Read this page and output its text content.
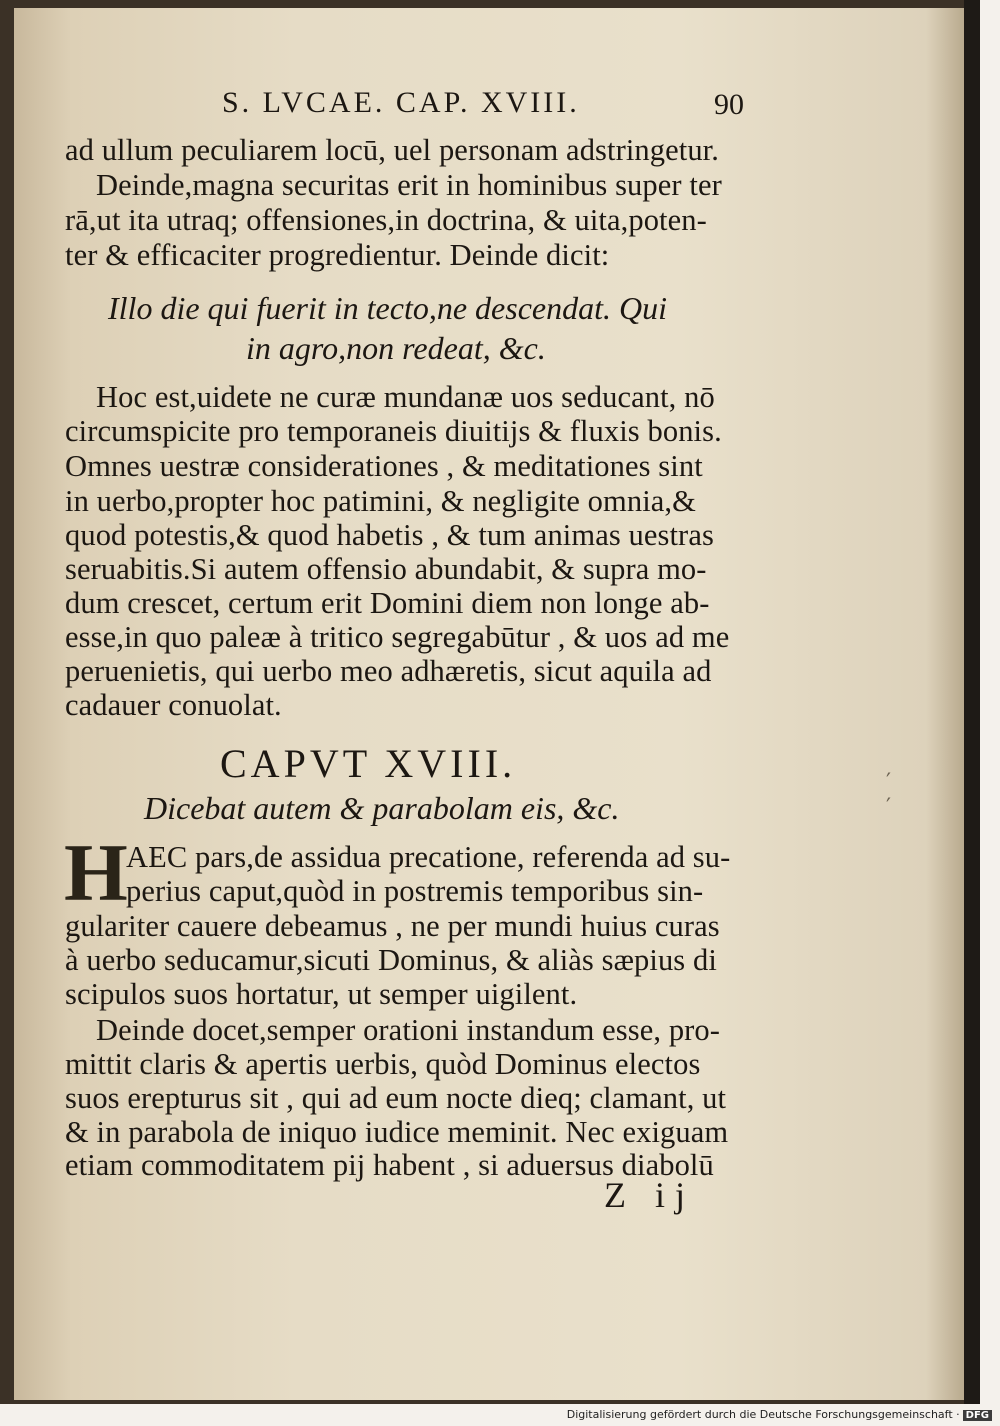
S. LVCAE. CAP. XVIII.	90
ad ullum peculiarem locū, uel personam adstringetur.
Deinde,magna securitas erit in hominibus super ter
rā,ut ita utraq; offensiones,in doctrina, & uita,poten-
ter & efficaciter progredientur. Deinde dicit:
Illo die qui fuerit in tecto,ne descendat. Qui
in agro,non redeat, &c.
Hoc est,uidete ne curæ mundanæ uos seducant, nō
circumspicite pro temporaneis diuitijs & fluxis bonis.
Omnes uestræ considerationes , & meditationes sint
in uerbo,propter hoc patimini, & negligite omnia,&
quod potestis,& quod habetis , & tum animas uestras
seruabitis.Si autem offensio abundabit, & supra mo-
dum crescet, certum erit Domini diem non longe ab-
esse,in quo paleæ à tritico segregabūtur , & uos ad me
peruenietis, qui uerbo meo adhæretis, sicut aquila ad
cadauer conuolat.
CAPVT XVIII.
Dicebat autem & parabolam eis, &c.
H
AEC pars,de assidua precatione, referenda ad su-
perius caput,quòd in postremis temporibus sin-
gulariter cauere debeamus , ne per mundi huius curas
à uerbo seducamur,sicuti Dominus, & aliàs sæpius di
scipulos suos hortatur, ut semper uigilent.
Deinde docet,semper orationi instandum esse, pro-
mittit claris & apertis uerbis, quòd Dominus electos
suos erepturus sit , qui ad eum nocte dieq; clamant, ut
& in parabola de iniquo iudice meminit. Nec exiguam
etiam commoditatem pij habent , si aduersus diabolū
Z ij
′
′
Digitalisierung gefördert durch die Deutsche Forschungsgemeinschaft · DFG
